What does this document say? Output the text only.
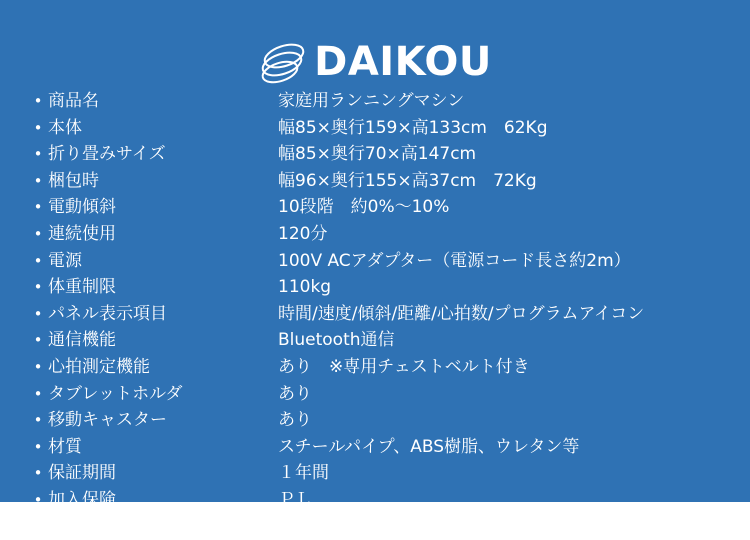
DAIKOU
• 商品名	家庭用ランニングマシン
• 本体	幅85×奥行159×高133cm　62Kg
• 折り畳みサイズ	幅85×奥行70×高147cm
• 梱包時	幅96×奥行155×高37cm　72Kg
• 電動傾斜	10段階　約0%〜10%
• 連続使用	120分
• 電源	100V ACアダプター（電源コード長さ約2m）
• 体重制限	110kg
• パネル表示項目	時間/速度/傾斜/距離/心拍数/プログラムアイコン
• 通信機能	Bluetooth通信
• 心拍測定機能	あり　※専用チェストベルト付き
• タブレットホルダ	あり
• 移動キャスター	あり
• 材質	スチールパイプ、ABS樹脂、ウレタン等
• 保証期間	１年間
• 加入保険	ＰＬ
• 製造	中国製
